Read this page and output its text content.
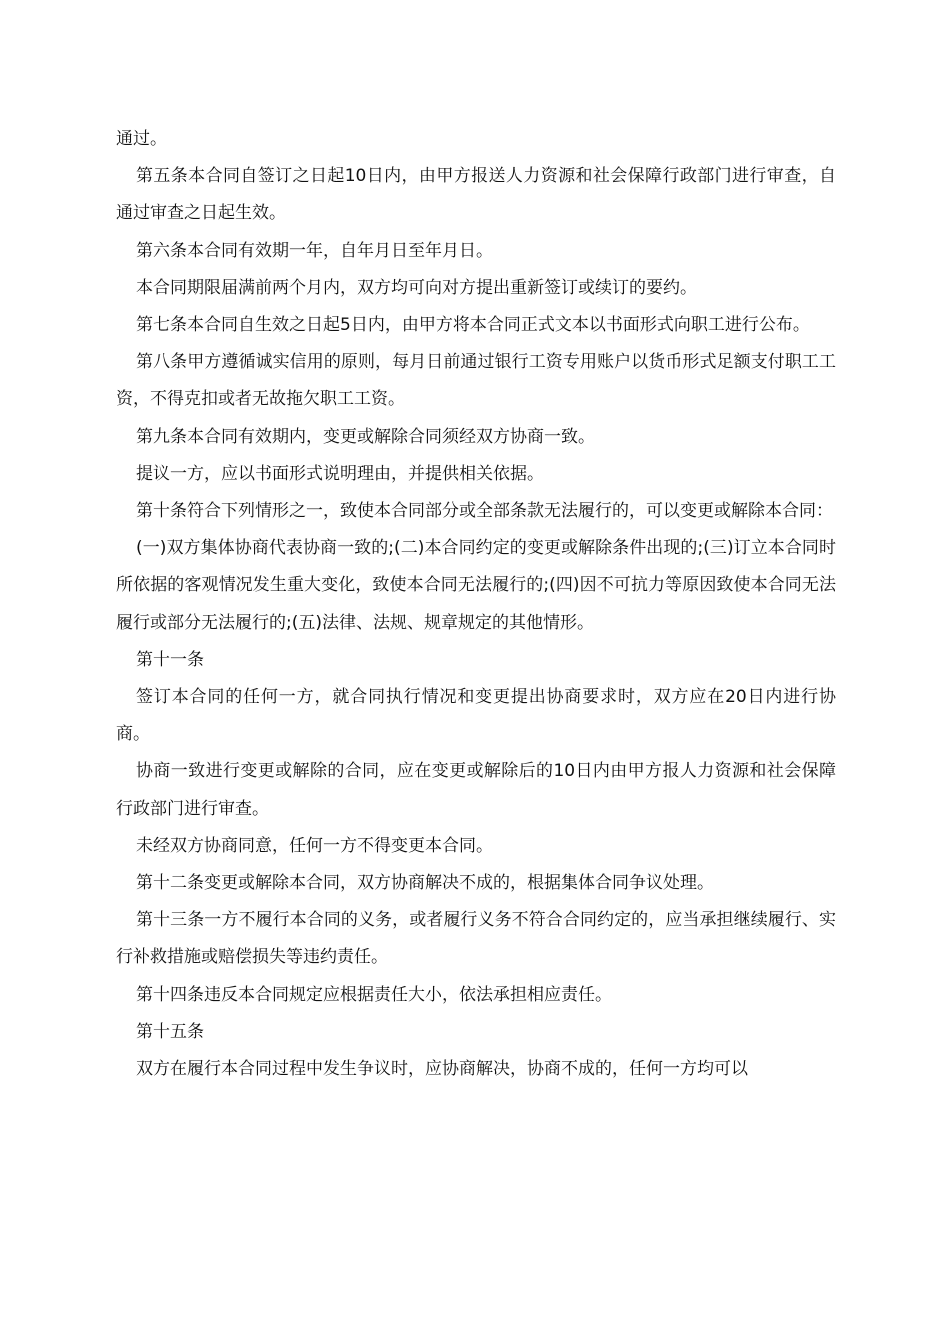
通过。

第五条本合同自签订之日起10日内，由甲方报送人力资源和社会保障行政部门进行审查，自通过审查之日起生效。

第六条本合同有效期一年，自年月日至年月日。

本合同期限届满前两个月内，双方均可向对方提出重新签订或续订的要约。

第七条本合同自生效之日起5日内，由甲方将本合同正式文本以书面形式向职工进行公布。

第八条甲方遵循诚实信用的原则，每月日前通过银行工资专用账户以货币形式足额支付职工工资，不得克扣或者无故拖欠职工工资。

第九条本合同有效期内，变更或解除合同须经双方协商一致。

提议一方，应以书面形式说明理由，并提供相关依据。

第十条符合下列情形之一，致使本合同部分或全部条款无法履行的，可以变更或解除本合同：

(一)双方集体协商代表协商一致的;(二)本合同约定的变更或解除条件出现的;(三)订立本合同时所依据的客观情况发生重大变化，致使本合同无法履行的;(四)因不可抗力等原因致使本合同无法履行或部分无法履行的;(五)法律、法规、规章规定的其他情形。

第十一条

签订本合同的任何一方，就合同执行情况和变更提出协商要求时，双方应在20日内进行协商。

协商一致进行变更或解除的合同，应在变更或解除后的10日内由甲方报人力资源和社会保障行政部门进行审查。

未经双方协商同意，任何一方不得变更本合同。

第十二条变更或解除本合同，双方协商解决不成的，根据集体合同争议处理。

第十三条一方不履行本合同的义务，或者履行义务不符合合同约定的，应当承担继续履行、实行补救措施或赔偿损失等违约责任。

第十四条违反本合同规定应根据责任大小，依法承担相应责任。

第十五条

双方在履行本合同过程中发生争议时，应协商解决，协商不成的，任何一方均可以
